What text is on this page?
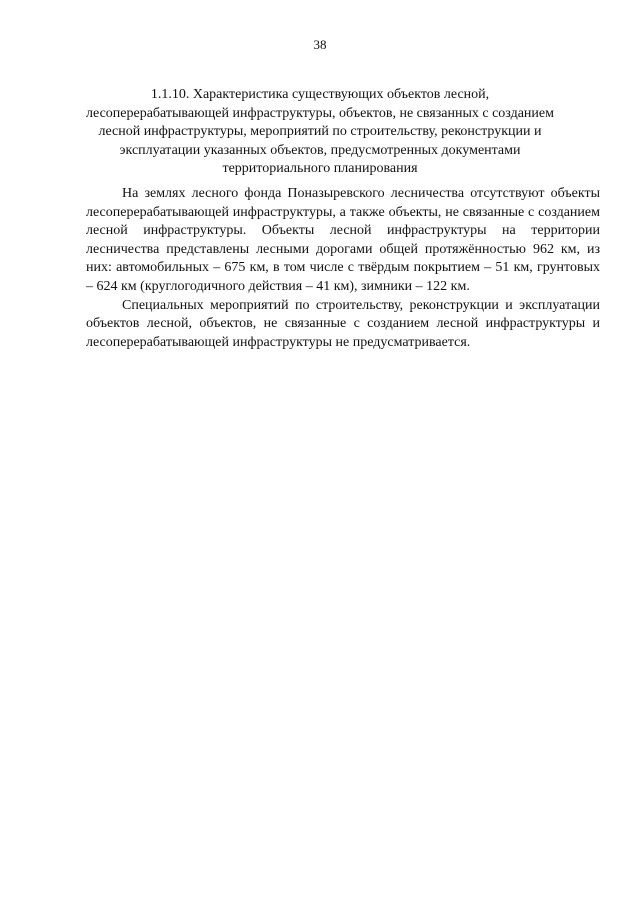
38
1.1.10. Характеристика существующих объектов лесной, лесоперерабатывающей инфраструктуры, объектов, не связанных с созданием лесной инфраструктуры, мероприятий по строительству, реконструкции и эксплуатации указанных объектов, предусмотренных документами территориального планирования

На землях лесного фонда Поназыревского лесничества отсутствуют объекты лесоперерабатывающей инфраструктуры, а также объекты, не связанные с созданием лесной инфраструктуры. Объекты лесной инфраструктуры на территории лесничества представлены лесными дорогами общей протяжённостью 962 км, из них: автомобильных – 675 км, в том числе с твёрдым покрытием – 51 км, грунтовых – 624 км (круглогодичного действия – 41 км), зимники – 122 км.

Специальных мероприятий по строительству, реконструкции и эксплуатации объектов лесной, объектов, не связанные с созданием лесной инфраструктуры и лесоперерабатывающей инфраструктуры не предусматривается.
